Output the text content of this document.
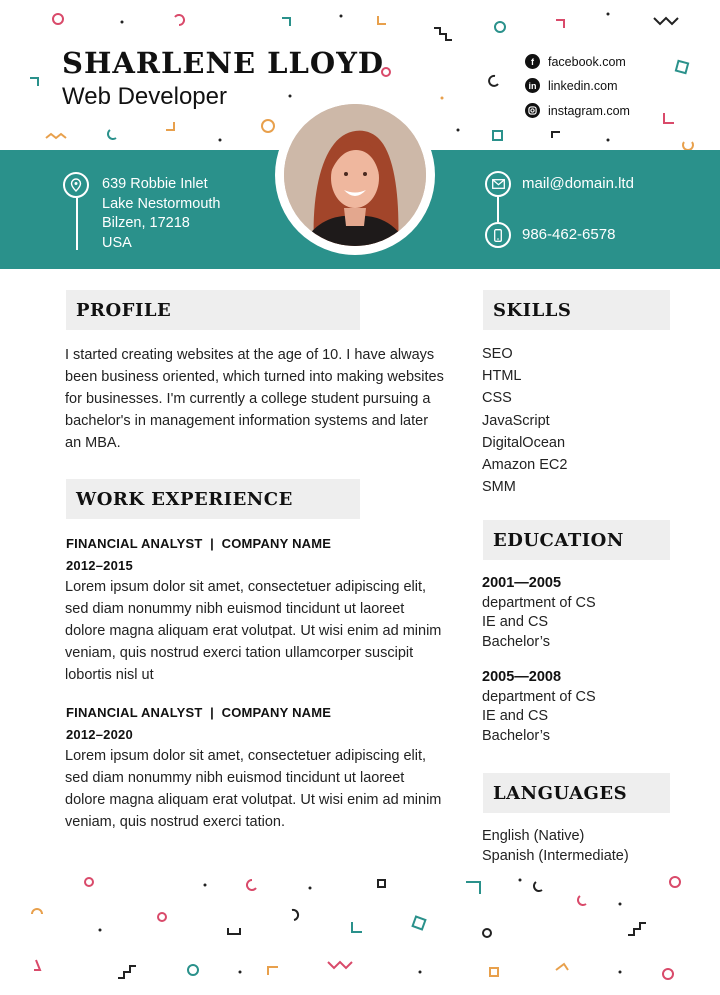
SHARLENE LLOYD
Web Developer
f	facebook.com
in linkedin.com
instagram.com
639 Robbie Inlet
Lake Nestormouth
Bilzen, 17218
USA
mail@domain.ltd
986-462-6578
PROFILE
I started creating websites at the age of 10. I have always been business oriented, which turned into making websites for businesses. I'm currently a college student pursuing a bachelor's in management information systems and later an MBA.
WORK EXPERIENCE
FINANCIAL ANALYST  |  COMPANY NAME
2012–2015
Lorem ipsum dolor sit amet, consectetuer adipiscing elit, sed diam nonummy nibh euismod tincidunt ut laoreet dolore magna aliquam erat volutpat. Ut wisi enim ad minim veniam, quis nostrud exerci tation ullamcorper suscipit lobortis nisl ut
FINANCIAL ANALYST  |  COMPANY NAME
2012–2020
Lorem ipsum dolor sit amet, consectetuer adipiscing elit, sed diam nonummy nibh euismod tincidunt ut laoreet dolore magna aliquam erat volutpat. Ut wisi enim ad minim veniam, quis nostrud exerci tation.
SKILLS
SEO
HTML
CSS
JavaScript
DigitalOcean
Amazon EC2
SMM
EDUCATION
2001—2005
department of CS
IE and CS
Bachelor’s
2005—2008
department of CS
IE and CS
Bachelor’s
LANGUAGES
English (Native)
Spanish (Intermediate)
